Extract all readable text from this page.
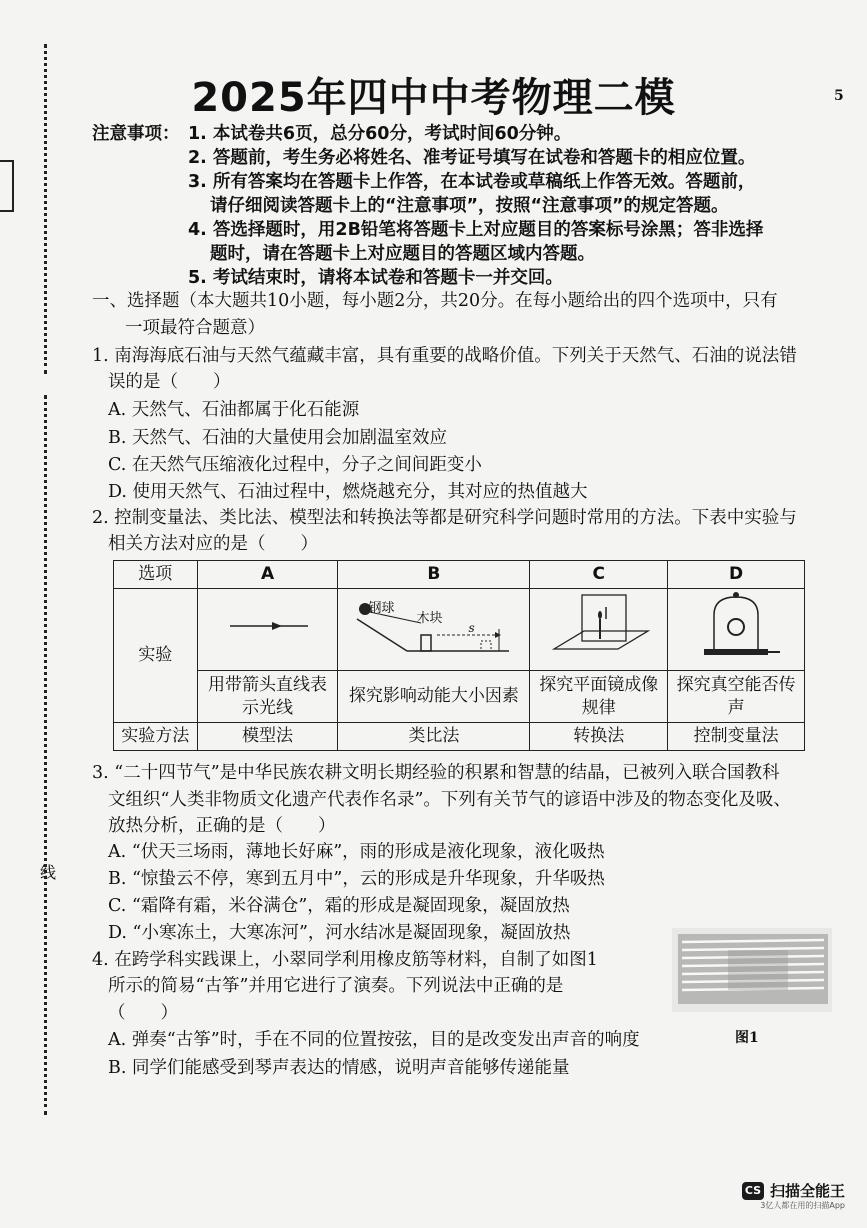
5
线
2025年四中中考物理二模
注意事项： 1. 本试卷共6页，总分60分，考试时间60分钟。
2. 答题前，考生务必将姓名、准考证号填写在试卷和答题卡的相应位置。
3. 所有答案均在答题卡上作答，在本试卷或草稿纸上作答无效。答题前，
请仔细阅读答题卡上的“注意事项”，按照“注意事项”的规定答题。
4. 答选择题时，用2B铅笔将答题卡上对应题目的答案标号涂黑；答非选择
题时，请在答题卡上对应题目的答题区域内答题。
5. 考试结束时，请将本试卷和答题卡一并交回。
一、选择题（本大题共10小题，每小题2分，共20分。在每小题给出的四个选项中，只有
一项最符合题意）
1. 南海海底石油与天然气蕴藏丰富，具有重要的战略价值。下列关于天然气、石油的说法错
误的是（　　）
A. 天然气、石油都属于化石能源
B. 天然气、石油的大量使用会加剧温室效应
C. 在天然气压缩液化过程中，分子之间间距变小
D. 使用天然气、石油过程中，燃烧越充分，其对应的热值越大
2. 控制变量法、类比法、模型法和转换法等都是研究科学问题时常用的方法。下表中实验与
相关方法对应的是（　　）
选项	A	B	C	D
实验		钢球
木块
s

	用带箭头直线表示光线	探究影响动能大小因素	探究平面镜成像规律	探究真空能否传声
实验方法	模型法	类比法	转换法	控制变量法
3. “二十四节气”是中华民族农耕文明长期经验的积累和智慧的结晶，已被列入联合国教科
文组织“人类非物质文化遗产代表作名录”。下列有关节气的谚语中涉及的物态变化及吸、
放热分析，正确的是（　　）
A. “伏天三场雨，薄地长好麻”，雨的形成是液化现象，液化吸热
B. “惊蛰云不停，寒到五月中”，云的形成是升华现象，升华吸热
C. “霜降有霜，米谷满仓”，霜的形成是凝固现象，凝固放热
D. “小寒冻土，大寒冻河”，河水结冰是凝固现象，凝固放热
4. 在跨学科实践课上，小翠同学利用橡皮筋等材料，自制了如图1
所示的简易“古筝”并用它进行了演奏。下列说法中正确的是
（　　）
A. 弹奏“古筝”时，手在不同的位置按弦，目的是改变发出声音的响度
B. 同学们能感受到琴声表达的情感，说明声音能够传递能量
图1
CS 扫描全能王
3亿人都在用的扫描App
